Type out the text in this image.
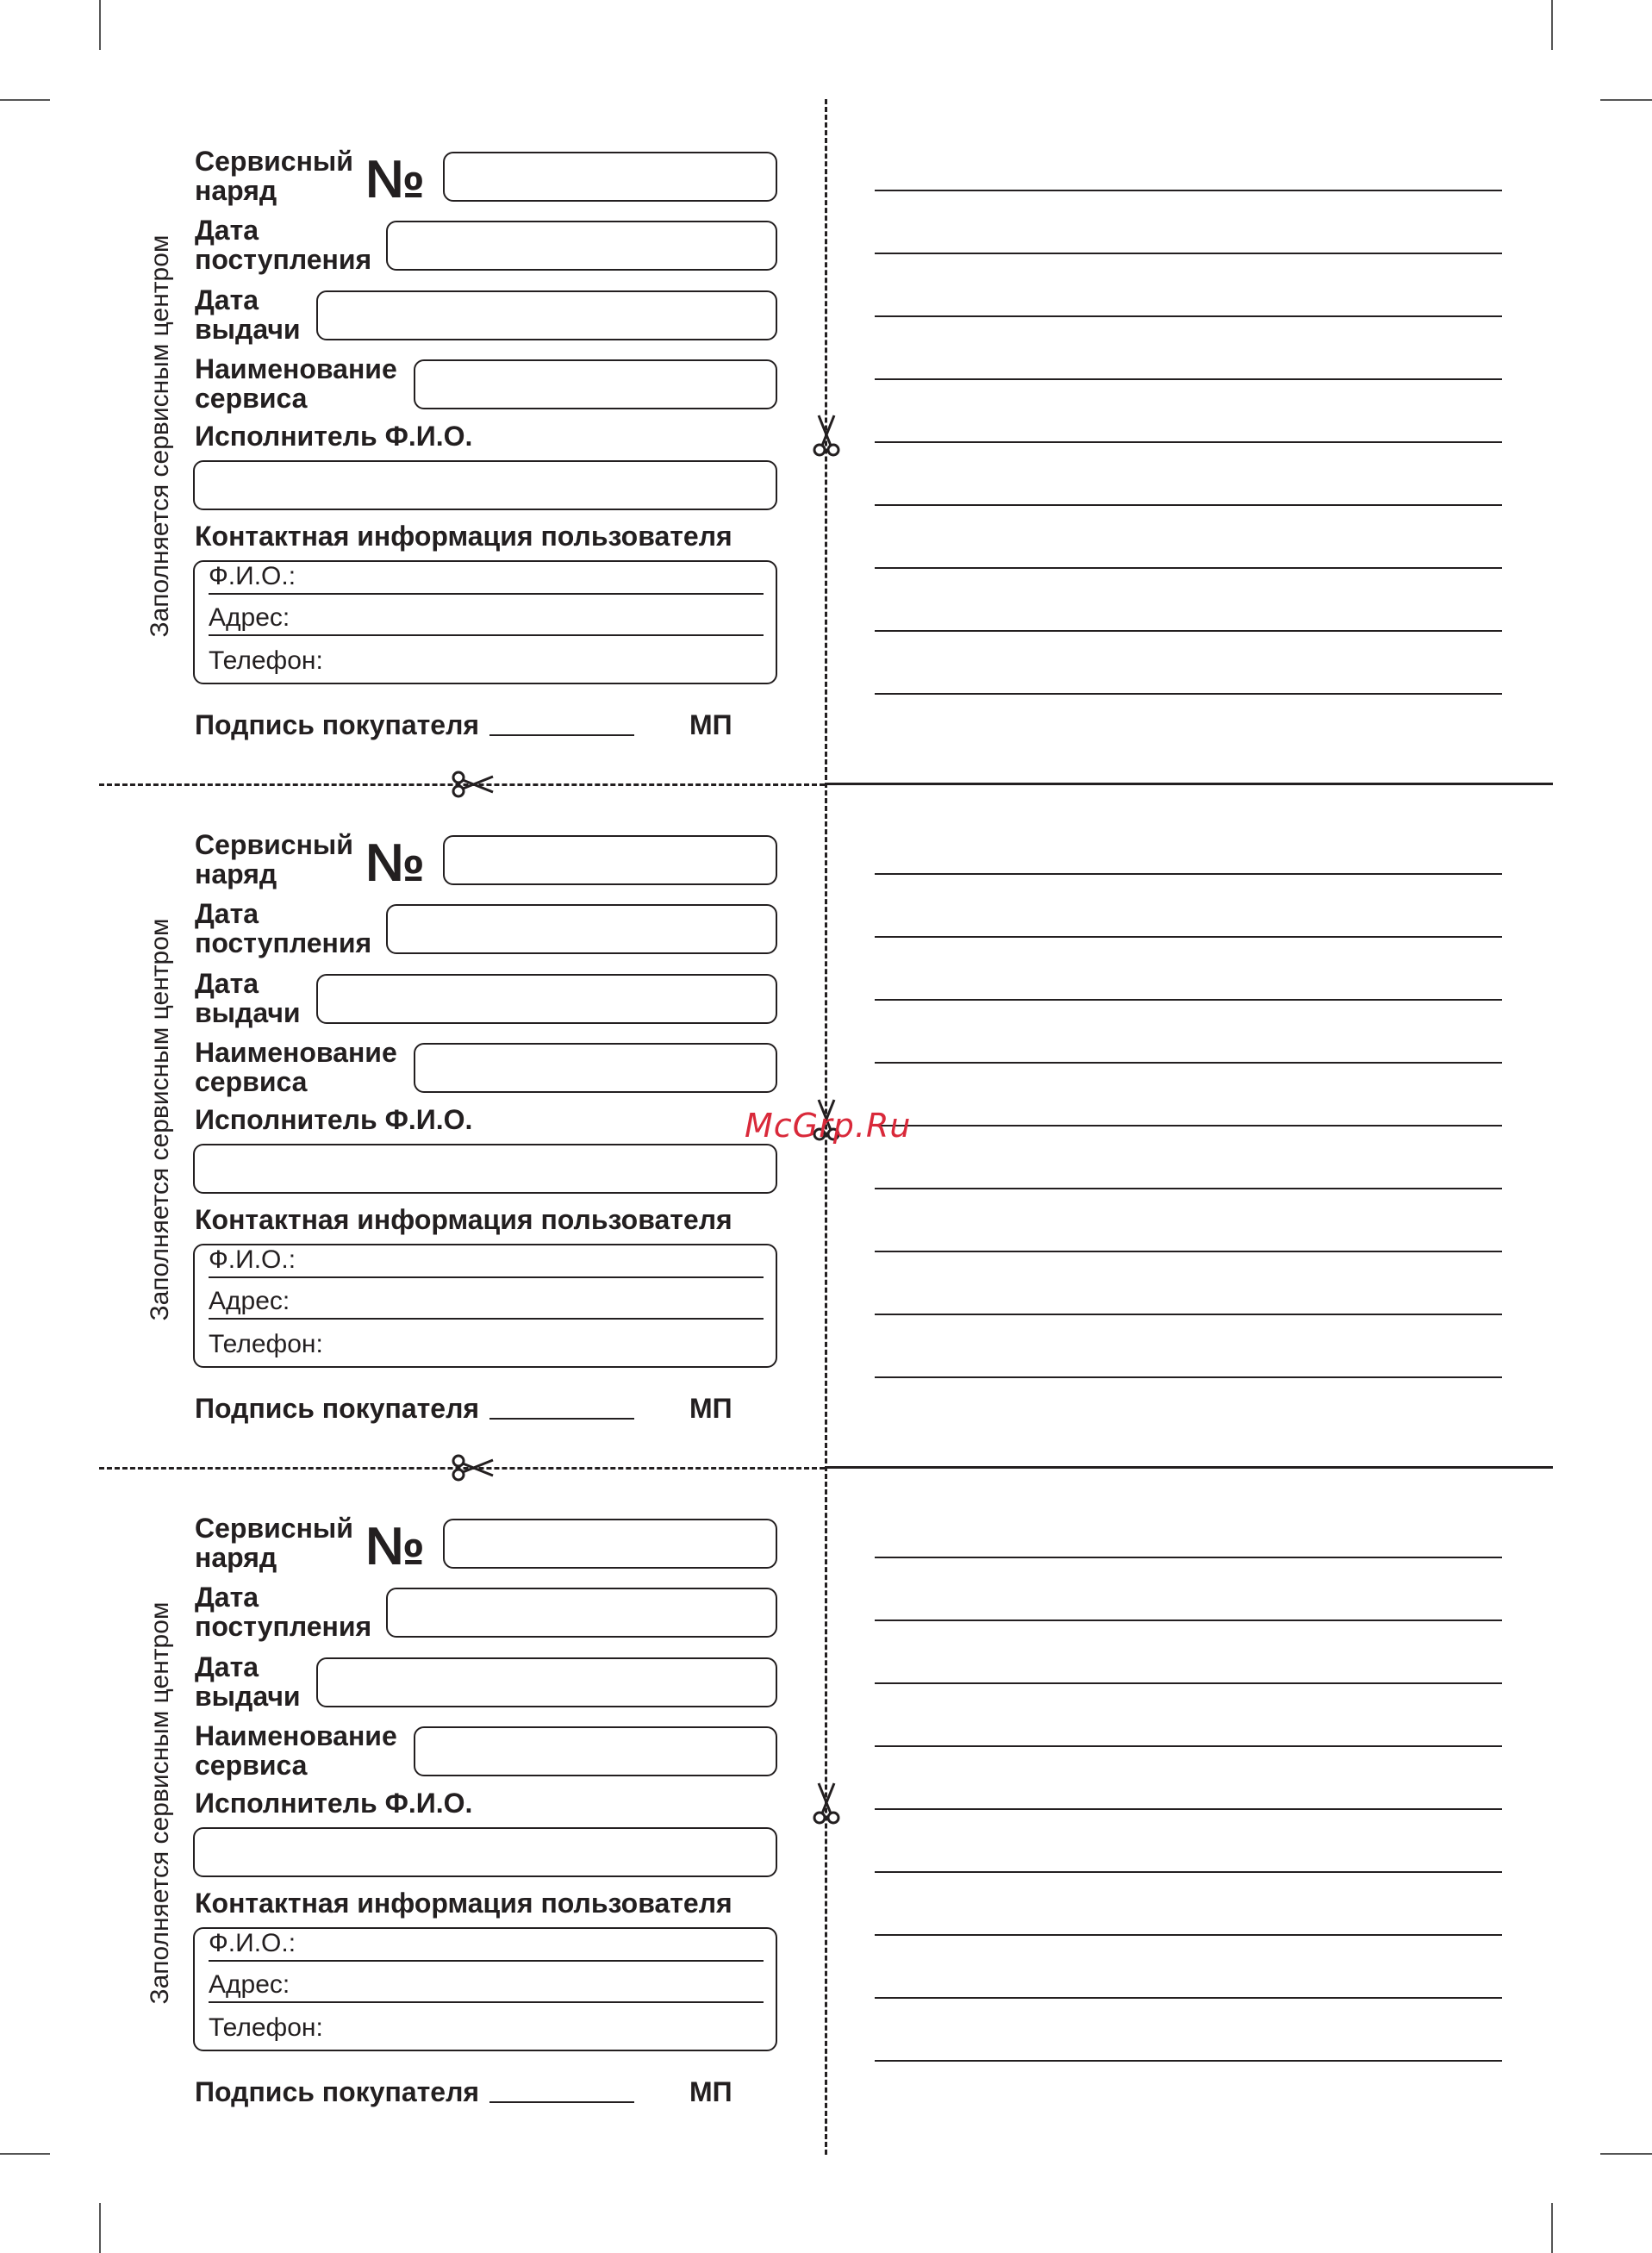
Заполняется сервисным центром
Сервисный
наряд	№
Дата
поступления
Дата
выдачи
Наименование
сервиса
Исполнитель Ф.И.О.
Контактная информация пользователя
Ф.И.О.:
Адрес:
Телефон:
Подпись покупателя	МП
Заполняется сервисным центром
Сервисный
наряд	№
Дата
поступления
Дата
выдачи
Наименование
сервиса
Исполнитель Ф.И.О.
Контактная информация пользователя
Ф.И.О.:
Адрес:
Телефон:
Подпись покупателя	МП
Заполняется сервисным центром
Сервисный
наряд	№
Дата
поступления
Дата
выдачи
Наименование
сервиса
Исполнитель Ф.И.О.
Контактная информация пользователя
Ф.И.О.:
Адрес:
Телефон:
Подпись покупателя	МП
McGrp.Ru
